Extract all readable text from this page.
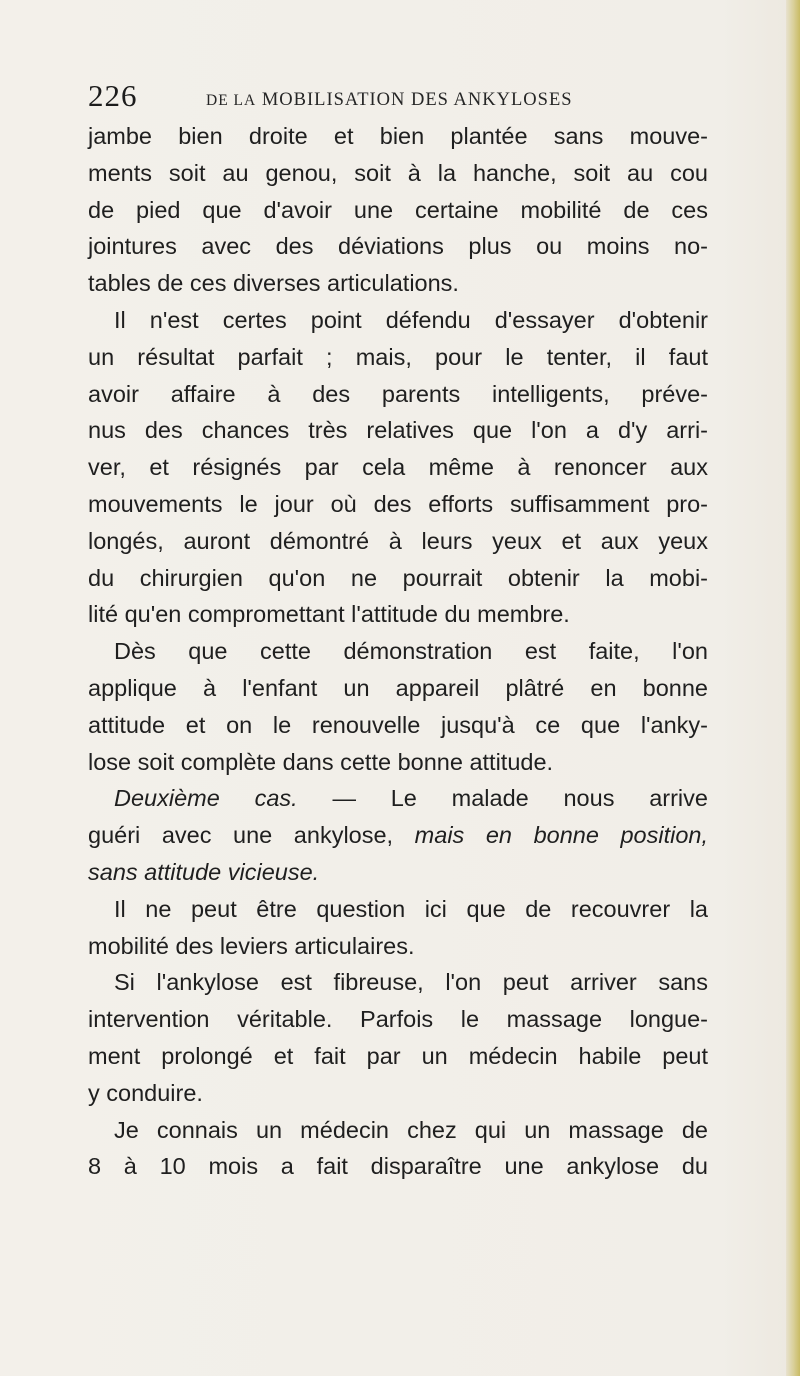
226	DE LA MOBILISATION DES ANKYLOSES
jambe bien droite et bien plantée sans mouve-
ments soit au genou, soit à la hanche, soit au cou
de pied que d'avoir une certaine mobilité de ces
jointures avec des déviations plus ou moins no-
tables de ces diverses articulations.
Il n'est certes point défendu d'essayer d'obtenir
un résultat parfait ; mais, pour le tenter, il faut
avoir affaire à des parents intelligents, préve-
nus des chances très relatives que l'on a d'y arri-
ver, et résignés par cela même à renoncer aux
mouvements le jour où des efforts suffisamment pro-
longés, auront démontré à leurs yeux et aux yeux
du chirurgien qu'on ne pourrait obtenir la mobi-
lité qu'en compromettant l'attitude du membre.
Dès que cette démonstration est faite, l'on
applique à l'enfant un appareil plâtré en bonne
attitude et on le renouvelle jusqu'à ce que l'anky-
lose soit complète dans cette bonne attitude.
Deuxième cas. — Le malade nous arrive
guéri avec une ankylose, mais en bonne position,
sans attitude vicieuse.
Il ne peut être question ici que de recouvrer la
mobilité des leviers articulaires.
Si l'ankylose est fibreuse, l'on peut arriver sans
intervention véritable. Parfois le massage longue-
ment prolongé et fait par un médecin habile peut
y conduire.
Je connais un médecin chez qui un massage de
8 à 10 mois a fait disparaître une ankylose du
